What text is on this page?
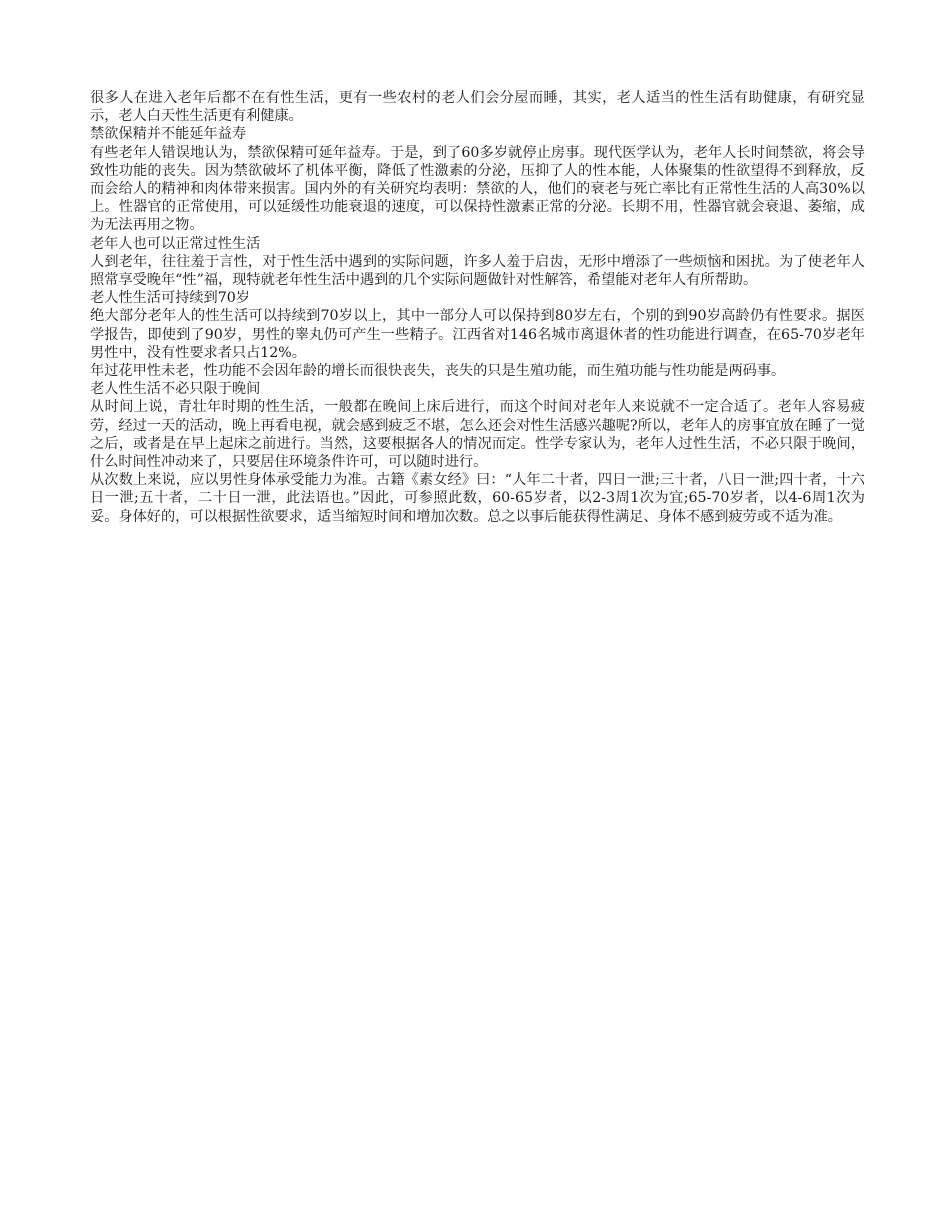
很多人在进入老年后都不在有性生活，更有一些农村的老人们会分屋而睡，其实，老人适当的性生活有助健康，有研究显示，老人白天性生活更有利健康。

禁欲保精并不能延年益寿

有些老年人错误地认为，禁欲保精可延年益寿。于是，到了60多岁就停止房事。现代医学认为，老年人长时间禁欲，将会导致性功能的丧失。因为禁欲破坏了机体平衡，降低了性激素的分泌，压抑了人的性本能，人体聚集的性欲望得不到释放，反而会给人的精神和肉体带来损害。国内外的有关研究均表明：禁欲的人，他们的衰老与死亡率比有正常性生活的人高30%以上。性器官的正常使用，可以延缓性功能衰退的速度，可以保持性激素正常的分泌。长期不用，性器官就会衰退、萎缩，成为无法再用之物。

老年人也可以正常过性生活

人到老年，往往羞于言性，对于性生活中遇到的实际问题，许多人羞于启齿，无形中增添了一些烦恼和困扰。为了使老年人照常享受晚年“性”福，现特就老年性生活中遇到的几个实际问题做针对性解答，希望能对老年人有所帮助。

老人性生活可持续到70岁

绝大部分老年人的性生活可以持续到70岁以上，其中一部分人可以保持到80岁左右，个别的到90岁高龄仍有性要求。据医学报告，即使到了90岁，男性的睾丸仍可产生一些精子。江西省对146名城市离退休者的性功能进行调查，在65-70岁老年男性中，没有性要求者只占12%。

年过花甲性未老，性功能不会因年龄的增长而很快丧失，丧失的只是生殖功能，而生殖功能与性功能是两码事。

老人性生活不必只限于晚间

从时间上说，青壮年时期的性生活，一般都在晚间上床后进行，而这个时间对老年人来说就不一定合适了。老年人容易疲劳，经过一天的活动，晚上再看电视，就会感到疲乏不堪，怎么还会对性生活感兴趣呢?所以，老年人的房事宜放在睡了一觉之后，或者是在早上起床之前进行。当然，这要根据各人的情况而定。性学专家认为，老年人过性生活，不必只限于晚间，什么时间性冲动来了，只要居住环境条件许可，可以随时进行。

从次数上来说，应以男性身体承受能力为准。古籍《素女经》曰：“人年二十者，四日一泄;三十者，八日一泄;四十者，十六日一泄;五十者，二十日一泄，此法语也。”因此，可参照此数，60-65岁者，以2-3周1次为宜;65-70岁者，以4-6周1次为妥。身体好的，可以根据性欲要求，适当缩短时间和增加次数。总之以事后能获得性满足、身体不感到疲劳或不适为准。
